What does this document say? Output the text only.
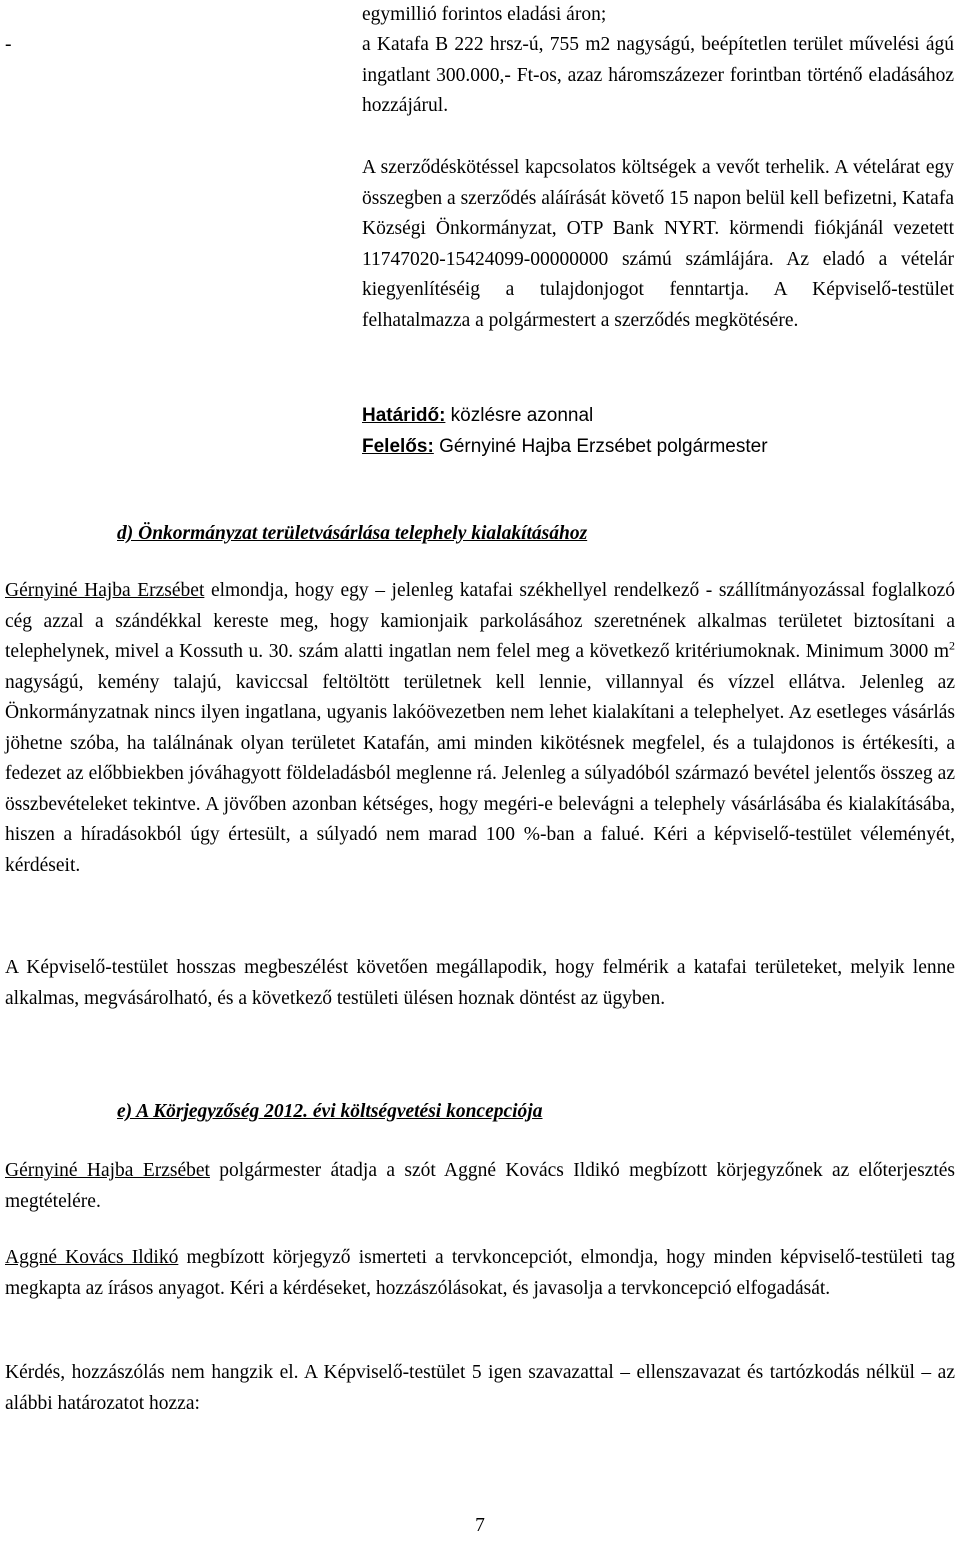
egymillió forintos eladási áron;

-	a Katafa B 222 hrsz-ú, 755 m2 nagyságú, beépítetlen terület művelési ágú ingatlant 300.000,- Ft-os, azaz háromszázezer forintban történő eladásához hozzájárul.

A szerződéskötéssel kapcsolatos költségek a vevőt terhelik. A vételárat egy összegben a szerződés aláírását követő 15 napon belül kell befizetni, Katafa Községi Önkormányzat, OTP Bank NYRT. körmendi fiókjánál vezetett 11747020-15424099-00000000 számú számlájára. Az eladó a vételár kiegyenlítéséig a tulajdonjogot fenntartja. A Képviselő-testület felhatalmazza a polgármestert a szerződés megkötésére.

Határidő: közlésre azonnal

Felelős: Gérnyiné Hajba Erzsébet polgármester

d) Önkormányzat területvásárlása telephely kialakításához

Gérnyiné Hajba Erzsébet elmondja, hogy egy – jelenleg katafai székhellyel rendelkező - szállítmányozással foglalkozó cég azzal a szándékkal kereste meg, hogy kamionjaik parkolásához szeretnének alkalmas területet biztosítani a telephelynek, mivel a Kossuth u. 30. szám alatti ingatlan nem felel meg a következő kritériumoknak. Minimum 3000 $m^2$ nagyságú, kemény talajú, kaviccsal feltöltött területnek kell lennie, villannyal és vízzel ellátva. Jelenleg az Önkormányzatnak nincs ilyen ingatlana, ugyanis lakóövezetben nem lehet kialakítani a telephelyet. Az esetleges vásárlás jöhetne szóba, ha találnának olyan területet Katafán, ami minden kikötésnek megfelel, és a tulajdonos is értékesíti, a fedezet az előbbiekben jóváhagyott földeladásból meglenne rá. Jelenleg a súlyadóból származó bevétel jelentős összeg az összbevételeket tekintve. A jövőben azonban kétséges, hogy megéri-e belevágni a telephely vásárlásába és kialakításába, hiszen a híradásokból úgy értesült, a súlyadó nem marad 100 %-ban a falué. Kéri a képviselő-testület véleményét, kérdéseit.

A Képviselő-testület hosszas megbeszélést követően megállapodik, hogy felmérik a katafai területeket, melyik lenne alkalmas, megvásárolható, és a következő testületi ülésen hoznak döntést az ügyben.

e) A Körjegyzőség 2012. évi költségvetési koncepciója

Gérnyiné Hajba Erzsébet polgármester átadja a szót Aggné Kovács Ildikó megbízott körjegyzőnek az előterjesztés megtételére.

Aggné Kovács Ildikó megbízott körjegyző ismerteti a tervkoncepciót, elmondja, hogy minden képviselő-testületi tag megkapta az írásos anyagot. Kéri a kérdéseket, hozzászólásokat, és javasolja a tervkoncepció elfogadását.

Kérdés, hozzászólás nem hangzik el. A Képviselő-testület 5 igen szavazattal – ellenszavazat és tartózkodás nélkül – az alábbi határozatot hozza:

7
